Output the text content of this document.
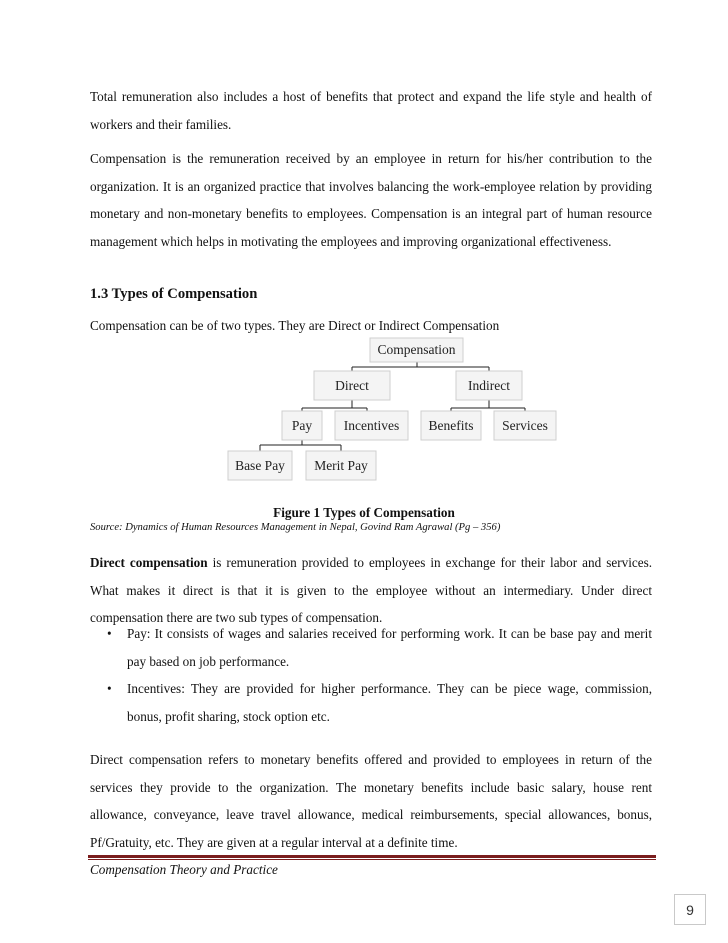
Total remuneration also includes a host of benefits that protect and expand the life style and health of workers and their families.

Compensation is the remuneration received by an employee in return for his/her contribution to the organization. It is an organized practice that involves balancing the work-employee relation by providing monetary and non-monetary benefits to employees. Compensation is an integral part of human resource management which helps in motivating the employees and improving organizational effectiveness.

1.3 Types of Compensation

Compensation can be of two types. They are Direct or Indirect Compensation

Compensation
Direct	Indirect
Pay Incentives Benefits Services
Base Pay Merit Pay

Figure 1 Types of Compensation

Source: Dynamics of Human Resources Management in Nepal, Govind Ram Agrawal (Pg – 356)

Direct compensation is remuneration provided to employees in exchange for their labor and services. What makes it direct is that it is given to the employee without an intermediary. Under direct compensation there are two sub types of compensation.

• Pay: It consists of wages and salaries received for performing work. It can be base pay and merit pay based on job performance.
• Incentives: They are provided for higher performance. They can be piece wage, commission, bonus, profit sharing, stock option etc.

Direct compensation refers to monetary benefits offered and provided to employees in return of the services they provide to the organization. The monetary benefits include basic salary, house rent allowance, conveyance, leave travel allowance, medical reimbursements, special allowances, bonus, Pf/Gratuity, etc. They are given at a regular interval at a definite time.

Compensation Theory and Practice

9
